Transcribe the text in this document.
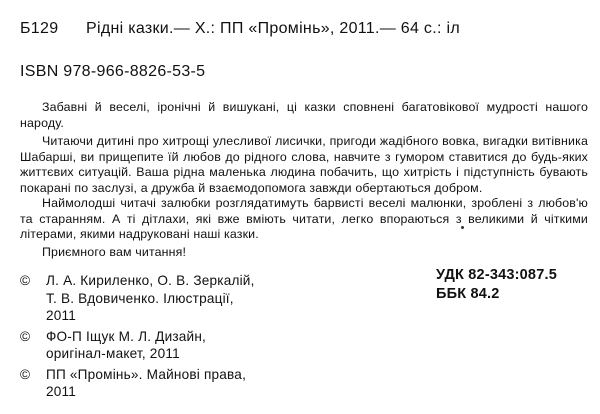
Б129 Рідні казки.— Х.: ПП «Промінь», 2011.— 64 с.: іл
ISBN 978-966-8826-53-5

Забавні й веселі, іронічні й вишукані, ці казки сповнені багатовікової мудрості нашого народу.

Читаючи дитині про хитрощі улесливої лисички, пригоди жадібного вовка, вигадки витівника Шабарші, ви прищепите їй любов до рідного слова, навчите з гумором ставитися до будь-яких життєвих ситуацій. Ваша рідна маленька людина побачить, що хитрість і підступність бувають покарані по заслузі, а дружба й взаємодопомога завжди обертаються добром.

Наймолодші читачі залюбки розглядатимуть барвисті веселі малюнки, зроблені з любов'ю та старанням. А ті дітлахи, які вже вміють читати, легко впораються з великими й чіткими літерами, якими надруковані наші казки.

Приємного вам читання!

© Л. А. Кириленко, О. В. Зеркалій,
Т. В. Вдовиченко. Ілюстрації,
2011
© ФО-П Іщук М. Л. Дизайн,
оригінал-макет, 2011
© ПП «Промінь». Майнові права,
2011
УДК 82-343:087.5
ББК 84.2
